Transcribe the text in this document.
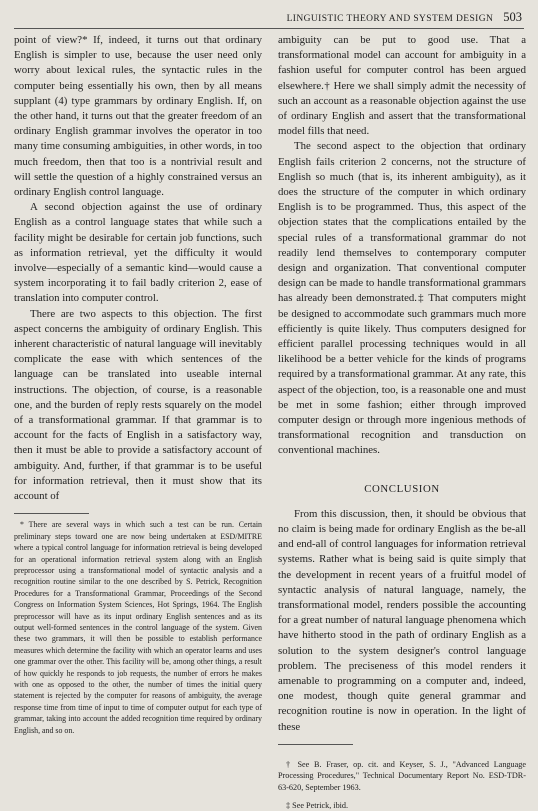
LINGUISTIC THEORY AND SYSTEM DESIGN 503

point of view?* If, indeed, it turns out that ordinary English is simpler to use, because the user need only worry about lexical rules, the syntactic rules in the computer being essentially his own, then by all means supplant (4) type grammars by ordinary English. If, on the other hand, it turns out that the greater freedom of an ordinary English grammar involves the operator in too many time consuming ambiguities, in other words, in too much freedom, then that too is a nontrivial result and will settle the question of a highly constrained versus an ordinary English control language.

A second objection against the use of ordinary English as a control language states that while such a facility might be desirable for certain job functions, such as information retrieval, yet the difficulty it would involve—especially of a semantic kind—would cause a system incorporating it to fail badly criterion 2, ease of translation into computer control.

There are two aspects to this objection. The first aspect concerns the ambiguity of ordinary English. This inherent characteristic of natural language will inevitably complicate the ease with which sentences of the language can be translated into useable internal instructions. The objection, of course, is a reasonable one, and the burden of reply rests squarely on the model of a transformational grammar. If that grammar is to account for the facts of English in a satisfactory way, then it must be able to provide a satisfactory account of ambiguity. And, further, if that grammar is to be useful for information retrieval, then it must show that its account of

* There are several ways in which such a test can be run. Certain preliminary steps toward one are now being undertaken at ESD/MITRE where a typical control language for information retrieval is being developed for an operational information retrieval system along with an English preprocessor using a transformational model of syntactic analysis and a recognition routine similar to the one described by S. Petrick, Recognition Procedures for a Transformational Grammar, Proceedings of the Second Congress on Information System Sciences, Hot Springs, 1964. The English preprocessor will have as its input ordinary English sentences and as its output well-formed sentences in the control language of the system. Given these two grammars, it will then be possible to establish performance measures which determine the facility with which an operator learns and uses one grammar over the other. This facility will be, among other things, a result of how quickly he responds to job requests, the number of errors he makes with one as opposed to the other, the number of times the initial query statement is rejected by the computer for reasons of ambiguity, the average response time from time of input to time of computer output for each type of grammar, taking into account the added recognition time required by ordinary English, and so on.

ambiguity can be put to good use. That a transformational model can account for ambiguity in a fashion useful for computer control has been argued elsewhere.† Here we shall simply admit the necessity of such an account as a reasonable objection against the use of ordinary English and assert that the transformational model fills that need.

The second aspect to the objection that ordinary English fails criterion 2 concerns, not the structure of English so much (that is, its inherent ambiguity), as it does the structure of the computer in which ordinary English is to be programmed. Thus, this aspect of the objection states that the complications entailed by the special rules of a transformational grammar do not readily lend themselves to contemporary computer design and organization. That conventional computer design can be made to handle transformational grammars has already been demonstrated.‡ That computers might be designed to accommodate such grammars much more efficiently is quite likely. Thus computers designed for efficient parallel processing techniques would in all likelihood be a better vehicle for the kinds of programs required by a transformational grammar. At any rate, this aspect of the objection, too, is a reasonable one and must be met in some fashion; either through improved computer design or through more ingenious methods of transformational recognition and transduction on conventional machines.

CONCLUSION

From this discussion, then, it should be obvious that no claim is being made for ordinary English as the be-all and end-all of control languages for information retrieval systems. Rather what is being said is quite simply that the development in recent years of a fruitful model of syntactic analysis of natural language, namely, the transformational model, renders possible the accounting for a great number of natural language phenomena which have hitherto stood in the path of ordinary English as a solution to the system designer's control language problem. The preciseness of this model renders it amenable to programming on a computer and, indeed, one modest, though quite general grammar and recognition routine is now in operation. In the light of these

† See B. Fraser, op. cit. and Keyser, S. J., "Advanced Language Processing Procedures," Technical Documentary Report No. ESD-TDR-63-620, September 1963.

‡ See Petrick, ibid.
